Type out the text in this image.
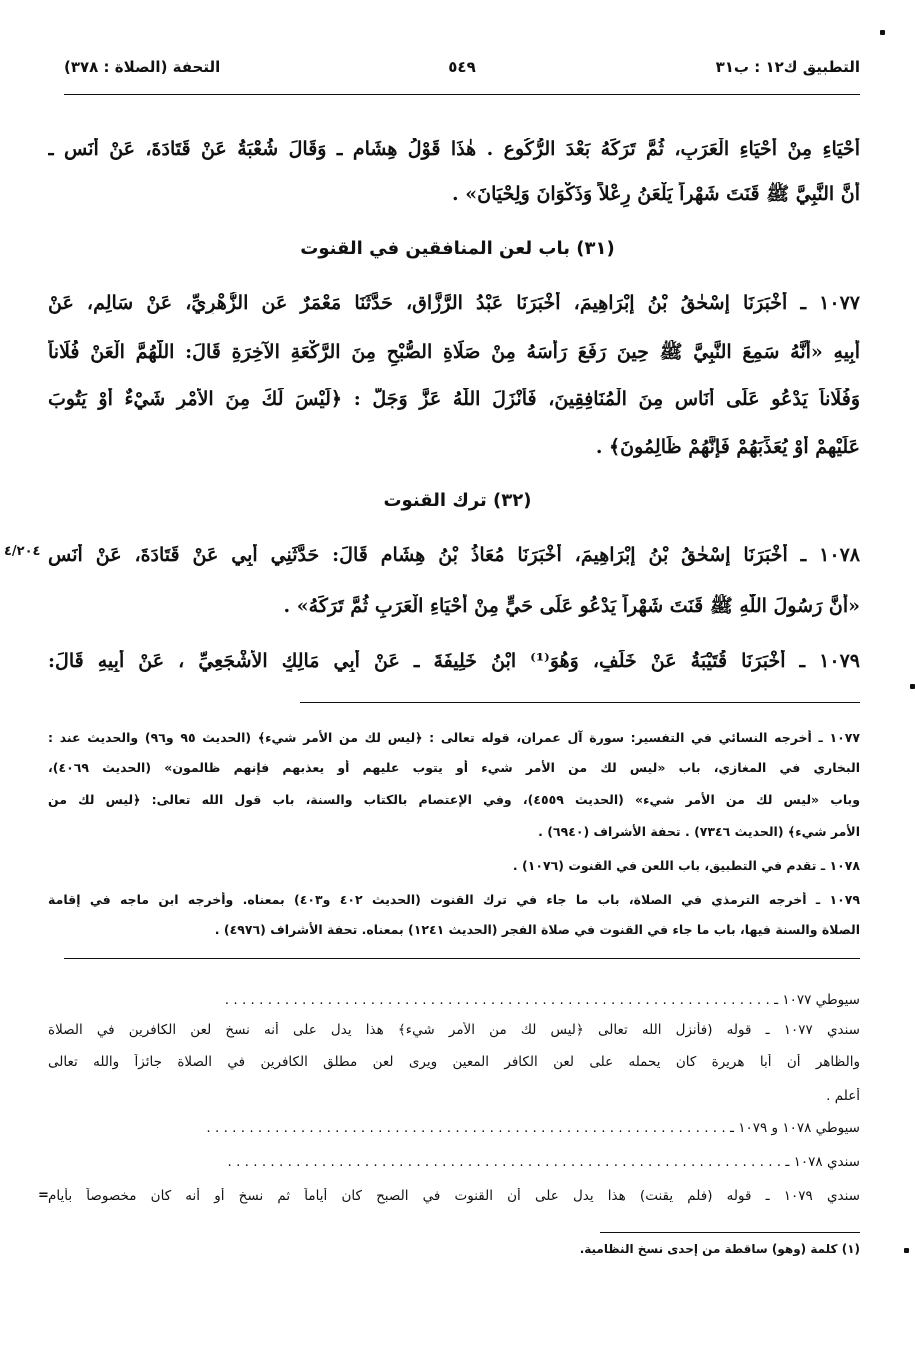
التطبيق ك١٢ : ب٣١
٥٤٩
التحفة (الصلاة : ٣٧٨)
أَحْيَاءِ مِنْ أَحْيَاءِ الْعَرَبِ، ثُمَّ تَرَكَهُ بَعْدَ الرُّكُوعِ . هٰذَا قَوْلُ هِشَامٍ ـ وَقَالَ شُعْبَةُ عَنْ قَتَادَةَ، عَنْ أَنَسٍ ـ
أَنَّ النَّبِيَّ ﷺ قَنَتَ شَهْراً يَلْعَنُ رِعْلاً وَذَكْوَانَ وَلِحْيَانَ» .
(٣١) باب لعن المنافقين في القنوت
١٠٧٧ ـ أَخْبَرَنَا إِسْحٰقُ بْنُ إِبْرَاهِيمَ، أَخْبَرَنَا عَبْدُ الرَّزَّاقِ، حَدَّثَنَا مَعْمَرٌ عَنِ الزُّهْرِيِّ، عَنْ سَالِمٍ، عَنْ
أَبِيهِ «أَنَّهُ سَمِعَ النَّبِيَّ ﷺ حِينَ رَفَعَ رَأْسَهُ مِنْ صَلَاةِ الصُّبْحِ مِنَ الرَّكْعَةِ الآخِرَةِ قَالَ: اللَّهُمَّ الْعَنْ فُلَاناً
وَفُلَاناً يَدْعُو عَلَى أُنَاسٍ مِنَ الْمُنَافِقِينَ، فَأَنْزَلَ اللّٰهُ عَزَّ وَجَلَّ : ﴿لَيْسَ لَكَ مِنَ الأَمْرِ شَيْءٌ أَوْ يَتُوبَ
عَلَيْهِمْ أَوْ يُعَذِّبَهُمْ فَإِنَّهُمْ ظَالِمُونَ﴾ .
(٣٢) ترك القنوت
٤/٢٠٤ ١٠٧٨ ـ أَخْبَرَنَا إِسْحٰقُ بْنُ إِبْرَاهِيمَ، أَخْبَرَنَا مُعَاذُ بْنُ هِشَامٍ قَالَ: حَدَّثَنِي أَبِي عَنْ قَتَادَةَ، عَنْ أَنَسٍ
«أَنَّ رَسُولَ اللّٰهِ ﷺ قَنَتَ شَهْراً يَدْعُو عَلَى حَيٍّ مِنْ أَحْيَاءِ الْعَرَبِ ثُمَّ تَرَكَهُ» .
١٠٧٩ ـ أَخْبَرَنَا قُتَيْبَةُ عَنْ خَلَفٍ، وَهُوَ⁽¹⁾ ابْنُ خَلِيفَةَ ـ عَنْ أَبِي مَالِكٍ الأَشْجَعِيِّ ، عَنْ أَبِيهِ قَالَ:
١٠٧٧ ـ أخرجه النسائي في التفسير: سورة آل عمران، قوله تعالى : ﴿ليس لك من الأمر شيء﴾ (الحديث ٩٥ و٩٦) والحديث عند :
البخاري في المغازي، باب «ليس لك من الأمر شيء أو يتوب عليهم أو يعذبهم فإنهم ظالمون» (الحديث ٤٠٦٩)،
وباب «ليس لك من الأمر شيء» (الحديث ٤٥٥٩)، وفي الإعتصام بالكتاب والسنة، باب قول الله تعالى: ﴿ليس لك من
الأمر شيء﴾ (الحديث ٧٣٤٦) . تحفة الأشراف (٦٩٤٠) .
١٠٧٨ ـ تقدم في التطبيق، باب اللعن في القنوت (١٠٧٦) .
١٠٧٩ ـ أخرجه الترمذي في الصلاة، باب ما جاء في ترك القنوت (الحديث ٤٠٢ و٤٠٣) بمعناه. وأخرجه ابن ماجه في إقامة
الصلاة والسنة فيها، باب ما جاء في القنوت في صلاة الفجر (الحديث ١٢٤١) بمعناه. تحفة الأشراف (٤٩٧٦) .
سيوطي ١٠٧٧ ـ . . . . . . . . . . . . . . . . . . . . . . . . . . . . . . . . . . . . . . . . . . . . . . . . . . . . . . . . . . . . . . . .
سندي ١٠٧٧ ـ قوله (فأنزل الله تعالى ﴿ليس لك من الأمر شيء﴾ هذا يدل على أنه نسخ لعن الكافرين في الصلاة
والظاهر أن أبا هريرة كان يحمله على لعن الكافر المعين ويرى لعن مطلق الكافرين في الصلاة جائزاً والله تعالى
أعلم .
سيوطي ١٠٧٨ و ١٠٧٩ ـ . . . . . . . . . . . . . . . . . . . . . . . . . . . . . . . . . . . . . . . . . . . . . . . . . . . . . . . . . . . . .
سندي ١٠٧٨ ـ . . . . . . . . . . . . . . . . . . . . . . . . . . . . . . . . . . . . . . . . . . . . . . . . . . . . . . . . . . . . . . . . .
سندي ١٠٧٩ ـ قوله (فلم يقنت) هذا يدل على أن القنوت في الصبح كان أياماً ثم نسخ أو أنه كان مخصوصاً بأيام
=
(١) كلمة (وهو) ساقطة من إحدى نسخ النظامية.
